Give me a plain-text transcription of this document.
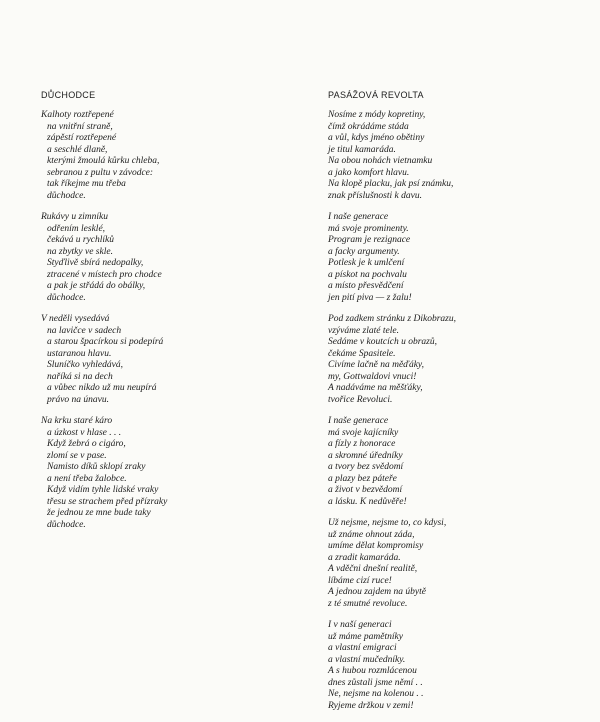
DŮCHODCE
Kalhoty roztřepené
na vnitřní straně,
zápěstí roztřepené
a seschlé dlaně,
kterými žmoulá kůrku chleba,
sebranou z pultu v závodce:
tak říkejme mu třeba
důchodce.
Rukávy u zimníku
odřením lesklé,
čekává u rychlíků
na zbytky ve skle.
Styďlivě sbírá nedopalky,
ztracené v místech pro chodce
a pak je střádá do obálky,
důchodce.
V neděli vysedává
na lavičce v sadech
a starou špacírkou si podepírá
ustaranou hlavu.
Sluníčko vyhledává,
naříká si na dech
a vůbec nikdo už mu neupírá
právo na únavu.
Na krku staré káro
a úzkost v hlase . . .
Když žebrá o cigáro,
zlomí se v pase.
Namisto díků sklopí zraky
a není třeba žalobce.
Když vidím tyhle lidské vraky
třesu se strachem před přízraky
že jednou ze mne bude taky
důchodce.
PASÁŽOVÁ REVOLTA
Nosíme z módy kopretiny,
čímž okrádáme stáda
a vůl, kdys jméno obětiny
je titul kamaráda.
Na obou nohách vietnamku
a jako komfort hlavu.
Na klopě placku, jak psí známku,
znak příslušnosti k davu.
I naše generace
má svoje prominenty.
Program je rezignace
a facky argumenty.
Potlesk je k umlčení
a pískot na pochvalu
a místo přesvědčení
jen pití piva — z žalu!
Pod zadkem stránku z Dikobrazu,
vzýváme zlaté tele.
Sedáme v koutcích u obrazů,
čekáme Spasitele.
Civíme lačně na měďáky,
my, Gottwaldovi vnuci!
A nadáváme na měšťáky,
tvořice Revoluci.
I naše generace
má svoje kajícníky
a fízly z honorace
a skromné úředníky
a tvory bez svědomí
a plazy bez páteře
a život v bezvědomí
a lásku. K nedůvěře!
Už nejsme, nejsme to, co kdysi,
už známe ohnout záda,
umíme dělat kompromisy
a zradit kamaráda.
A vděčni dnešní realitě,
líbáme cizí ruce!
A jednou zajdem na úbytě
z té smutné revoluce.
I v naší generaci
už máme pamětníky
a vlastní emigraci
a vlastní mučedníky.
A s hubou rozmlácenou
dnes zůstali jsme němí . .
Ne, nejsme na kolenou . .
Ryjeme držkou v zemi!
